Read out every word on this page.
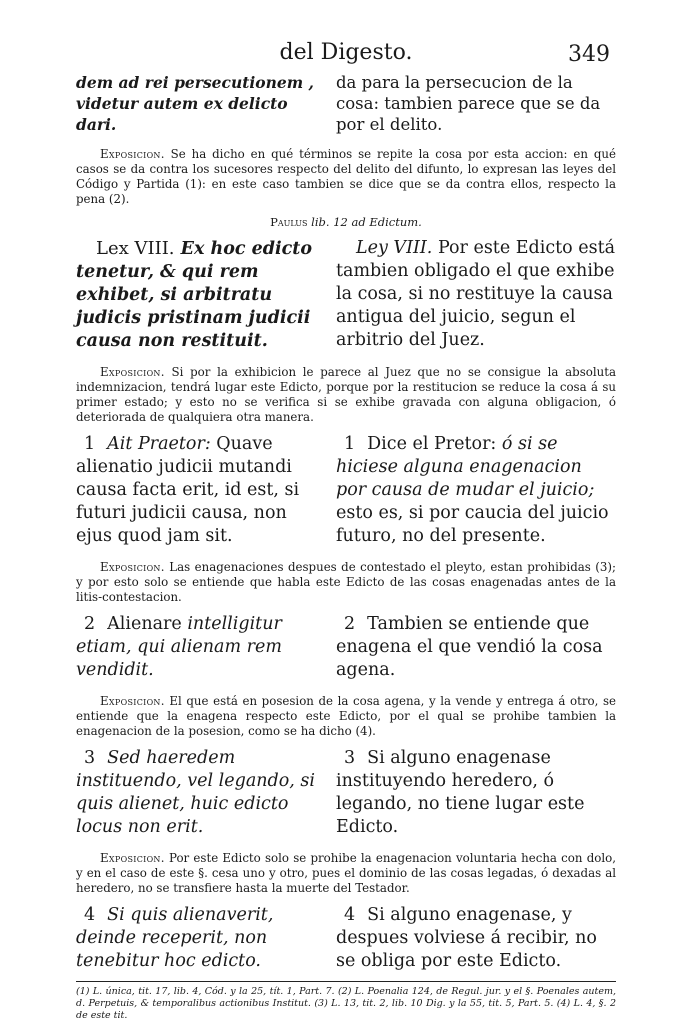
del Digesto.	349
dem ad rei persecutionem , videtur autem ex delicto dari.
da para la persecucion de la cosa: tambien parece que se da por el delito.
Exposicion. Se ha dicho en qué términos se repite la cosa por esta accion: en qué casos se da contra los sucesores respecto del delito del difunto, lo expresan las leyes del Código y Partida (1): en este caso tambien se dice que se da contra ellos, respecto la pena (2).
Paulus lib. 12 ad Edictum.
Lex VIII. Ex hoc edicto tenetur, & qui rem exhibet, si arbitratu judicis pristinam judicii causa non restituit.
Ley VIII. Por este Edicto está tambien obligado el que exhibe la cosa, si no restituye la causa antigua del juicio, segun el arbitrio del Juez.
Exposicion. Si por la exhibicion le parece al Juez que no se consigue la absoluta indemnizacion, tendrá lugar este Edicto, porque por la restitucion se reduce la cosa á su primer estado; y esto no se verifica si se exhibe gravada con alguna obligacion, ó deteriorada de qualquiera otra manera.
1 Ait Praetor: Quave alienatio judicii mutandi causa facta erit, id est, si futuri judicii causa, non ejus quod jam sit.
1 Dice el Pretor: ó si se hiciese alguna enagenacion por causa de mudar el juicio; esto es, si por caucia del juicio futuro, no del presente.
Exposicion. Las enagenaciones despues de contestado el pleyto, estan prohibidas (3); y por esto solo se entiende que habla este Edicto de las cosas enagenadas antes de la litis-contestacion.
2 Alienare intelligitur etiam, qui alienam rem vendidit.
2 Tambien se entiende que enagena el que vendió la cosa agena.
Exposicion. El que está en posesion de la cosa agena, y la vende y entrega á otro, se entiende que la enagena respecto este Edicto, por el qual se prohibe tambien la enagenacion de la posesion, como se ha dicho (4).
3 Sed haeredem instituendo, vel legando, si quis alienet, huic edicto locus non erit.
3 Si alguno enagenase instituyendo heredero, ó legando, no tiene lugar este Edicto.
Exposicion. Por este Edicto solo se prohibe la enagenacion voluntaria hecha con dolo, y en el caso de este §. cesa uno y otro, pues el dominio de las cosas legadas, ó dexadas al heredero, no se transfiere hasta la muerte del Testador.
4 Si quis alienaverit, deinde receperit, non tenebitur hoc edicto.
4 Si alguno enagenase, y despues volviese á recibir, no se obliga por este Edicto.
(1) L. única, tit. 17, lib. 4, Cód. y la 25, tít. 1, Part. 7. (2) L. Poenalia 124, de Regul. jur. y el §. Poenales autem, d. Perpetuis, & temporalibus actionibus Institut. (3) L. 13, tit. 2, lib. 10 Dig. y la 55, tit. 5, Part. 5. (4) L. 4, §. 2 de este tit.
